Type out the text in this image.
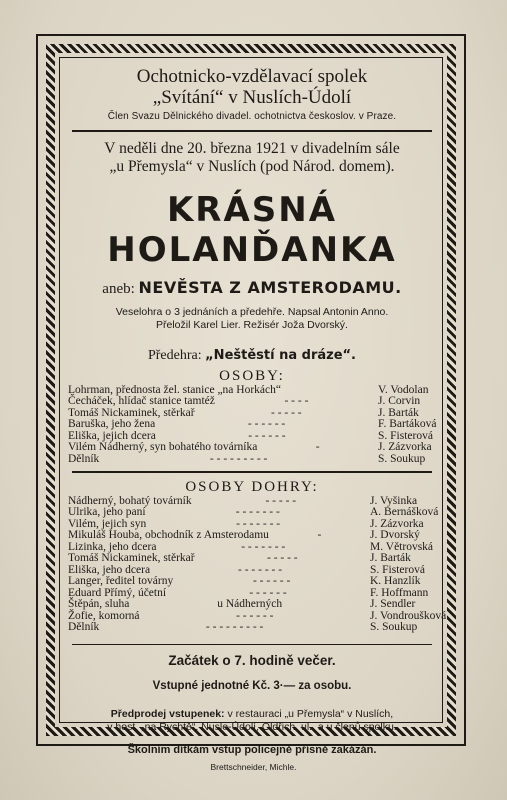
Ochotnicko-vzdělavací spolek
„Svítání“ v Nuslích-Údolí
Člen Svazu Dělnického divadel. ochotnictva českoslov. v Praze.
V neděli dne 20. března 1921 v divadelním sále
„u Přemysla“ v Nuslích (pod Národ. domem).
KRÁSNÁ
HOLANĎANKA
aneb: NEVĚSTA Z AMSTERODAMU.
Veselohra o 3 jednáních a předehře. Napsal Antonin Anno.
Přeložil Karel Lier. Režisér Joža Dvorský.
Předehra: „Neštěstí na dráze“.
OSOBY:
Lohrman, přednosta žel. stanice „na Horkách“	V. Vodolan
Čecháček, hlídač stanice tamtéž	- - - -	J. Corvin
Tomáš Nickaminek, stěrkař	- - - - -	J. Barták
Baruška, jeho žena	- - - - - -	F. Bartáková
Eliška, jejich dcera	- - - - - -	S. Fisterová
Vilém Nádherný, syn bohatého továrníka	-	J. Zázvorka
Dělník	- - - - - - - - -	S. Soukup
OSOBY DOHRY:
Nádherný, bohatý továrník	- - - - -	J. Vyšinka
Ulrika, jeho paní	- - - - - - -	A. Bernášková
Vilém, jejich syn	- - - - - - -	J. Zázvorka
Mikuláš Houba, obchodník z Amsterodamu	-	J. Dvorský
Lizinka, jeho dcera	- - - - - - -	M. Větrovská
Tomáš Nickaminek, stěrkař	- - - - -	J. Barták
Eliška, jeho dcera	- - - - - - -	S. Fisterová
Langer, ředitel továrny	- - - - - -	K. Hanzlík
Eduard Přímý, účetní	- - - - - -	F. Hoffmann
Štěpán, sluha	u Nádherných	J. Sendler
Žofie, komorná	- - - - - -	J. Vondroušková
Dělník	- - - - - - - - -	S. Soukup
Začátek o 7. hodině večer.
Vstupné jednotné Kč. 3·— za osobu.
Předprodej vstupenek: v restauraci „u Přemysla“ v Nuslích,
v host. „na Rychtě“, Nusle-Údolí, Oldřich. ul., a u členů spolku.
Školním dítkám vstup policejně přísně zakázán.
Brettschneider, Michle.
